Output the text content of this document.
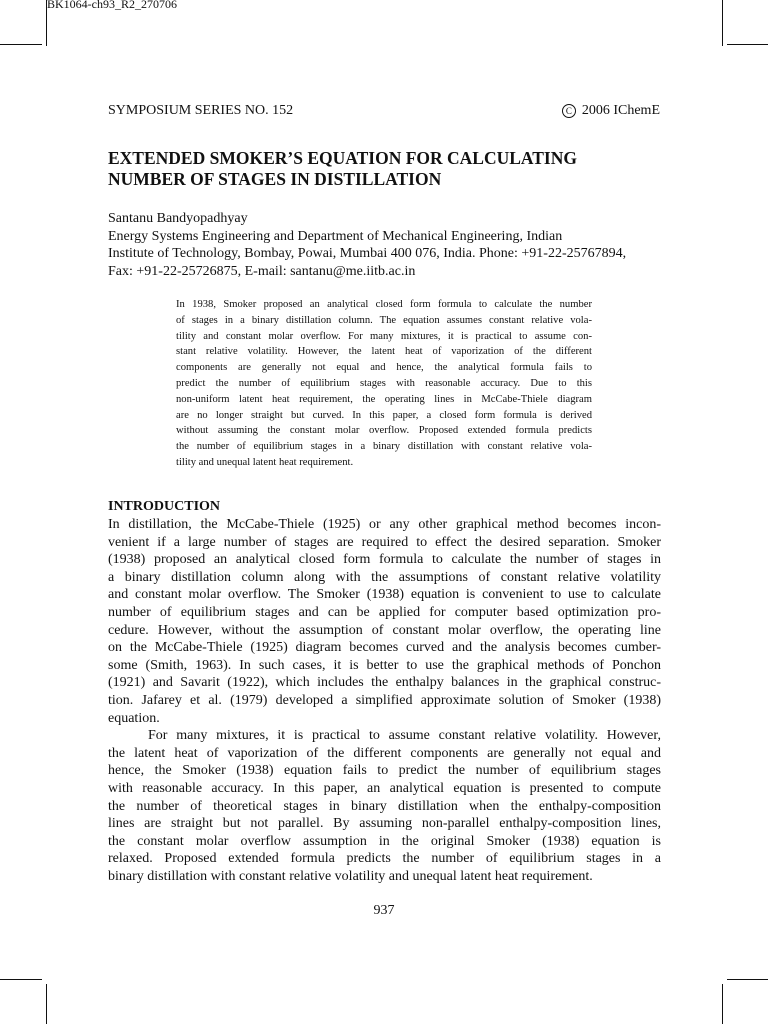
BK1064-ch93_R2_270706
SYMPOSIUM SERIES NO. 152	C 2006 IChemE
EXTENDED SMOKER’S EQUATION FOR CALCULATING
NUMBER OF STAGES IN DISTILLATION
Santanu Bandyopadhyay
Energy Systems Engineering and Department of Mechanical Engineering, Indian
Institute of Technology, Bombay, Powai, Mumbai 400 076, India. Phone: +91-22-25767894,
Fax: +91-22-25726875, E-mail: santanu@me.iitb.ac.in
In 1938, Smoker proposed an analytical closed form formula to calculate the number
of stages in a binary distillation column. The equation assumes constant relative vola-
tility and constant molar overflow. For many mixtures, it is practical to assume con-
stant relative volatility. However, the latent heat of vaporization of the different
components are generally not equal and hence, the analytical formula fails to
predict the number of equilibrium stages with reasonable accuracy. Due to this
non-uniform latent heat requirement, the operating lines in McCabe-Thiele diagram
are no longer straight but curved. In this paper, a closed form formula is derived
without assuming the constant molar overflow. Proposed extended formula predicts
the number of equilibrium stages in a binary distillation with constant relative vola-
tility and unequal latent heat requirement.
INTRODUCTION
In distillation, the McCabe-Thiele (1925) or any other graphical method becomes incon-
venient if a large number of stages are required to effect the desired separation. Smoker
(1938) proposed an analytical closed form formula to calculate the number of stages in
a binary distillation column along with the assumptions of constant relative volatility
and constant molar overflow. The Smoker (1938) equation is convenient to use to calculate
number of equilibrium stages and can be applied for computer based optimization pro-
cedure. However, without the assumption of constant molar overflow, the operating line
on the McCabe-Thiele (1925) diagram becomes curved and the analysis becomes cumber-
some (Smith, 1963). In such cases, it is better to use the graphical methods of Ponchon
(1921) and Savarit (1922), which includes the enthalpy balances in the graphical construc-
tion. Jafarey et al. (1979) developed a simplified approximate solution of Smoker (1938)
equation.
For many mixtures, it is practical to assume constant relative volatility. However,
the latent heat of vaporization of the different components are generally not equal and
hence, the Smoker (1938) equation fails to predict the number of equilibrium stages
with reasonable accuracy. In this paper, an analytical equation is presented to compute
the number of theoretical stages in binary distillation when the enthalpy-composition
lines are straight but not parallel. By assuming non-parallel enthalpy-composition lines,
the constant molar overflow assumption in the original Smoker (1938) equation is
relaxed. Proposed extended formula predicts the number of equilibrium stages in a
binary distillation with constant relative volatility and unequal latent heat requirement.
937
